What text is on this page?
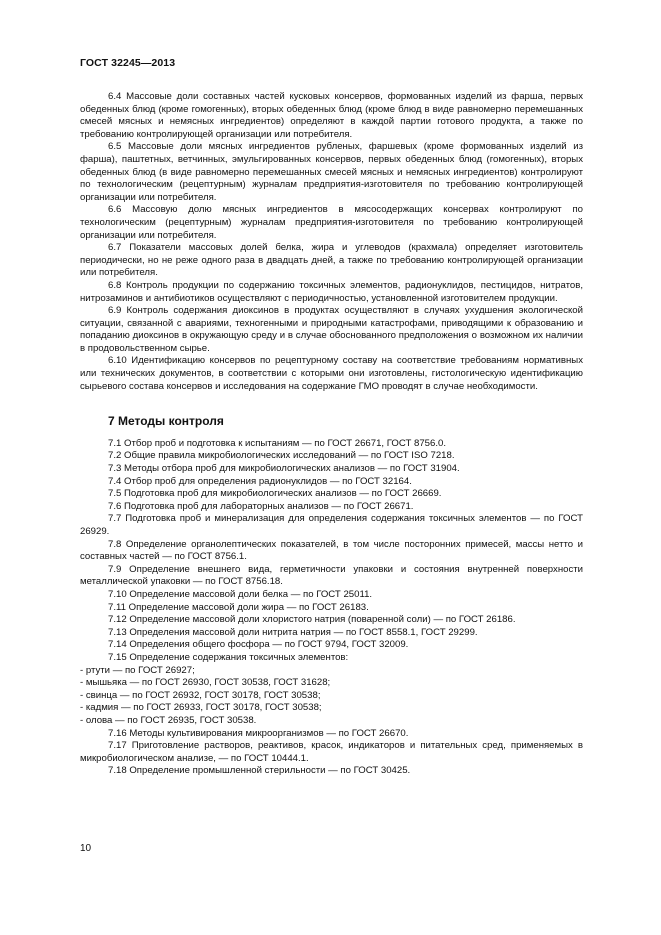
ГОСТ 32245—2013

6.4 Массовые доли составных частей кусковых консервов, формованных изделий из фарша, первых обеденных блюд (кроме гомогенных), вторых обеденных блюд (кроме блюд в виде равномерно перемешанных смесей мясных и немясных ингредиентов) определяют в каждой партии готового продукта, а также по требованию контролирующей организации или потребителя.

6.5 Массовые доли мясных ингредиентов рубленых, фаршевых (кроме формованных изделий из фарша), паштетных, ветчинных, эмульгированных консервов, первых обеденных блюд (гомогенных), вторых обеденных блюд (в виде равномерно перемешанных смесей мясных и немясных ингредиентов) контролируют по технологическим (рецептурным) журналам предприятия-изготовителя по требованию контролирующей организации или потребителя.

6.6 Массовую долю мясных ингредиентов в мясосодержащих консервах контролируют по технологическим (рецептурным) журналам предприятия-изготовителя по требованию контролирующей организации или потребителя.

6.7 Показатели массовых долей белка, жира и углеводов (крахмала) определяет изготовитель периодически, но не реже одного раза в двадцать дней, а также по требованию контролирующей организации или потребителя.

6.8 Контроль продукции по содержанию токсичных элементов, радионуклидов, пестицидов, нитратов, нитрозаминов и антибиотиков осуществляют с периодичностью, установленной изготовителем продукции.

6.9 Контроль содержания диоксинов в продуктах осуществляют в случаях ухудшения экологической ситуации, связанной с авариями, техногенными и природными катастрофами, приводящими к образованию и попаданию диоксинов в окружающую среду и в случае обоснованного предположения о возможном их наличии в продовольственном сырье.

6.10 Идентификацию консервов по рецептурному составу на соответствие требованиям нормативных или технических документов, в соответствии с которыми они изготовлены, гистологическую идентификацию сырьевого состава консервов и исследования на содержание ГМО проводят в случае необходимости.

7 Методы контроля
7.1 Отбор проб и подготовка к испытаниям — по ГОСТ 26671, ГОСТ 8756.0.
7.2 Общие правила микробиологических исследований — по ГОСТ ISO 7218.
7.3 Методы отбора проб для микробиологических анализов — по ГОСТ 31904.
7.4 Отбор проб для определения радионуклидов — по ГОСТ 32164.
7.5 Подготовка проб для микробиологических анализов — по ГОСТ 26669.
7.6 Подготовка проб для лабораторных анализов — по ГОСТ 26671.
7.7 Подготовка проб и минерализация для определения содержания токсичных элементов — по ГОСТ 26929.
7.8 Определение органолептических показателей, в том числе посторонних примесей, массы нетто и составных частей — по ГОСТ 8756.1.
7.9 Определение внешнего вида, герметичности упаковки и состояния внутренней поверхности металлической упаковки — по ГОСТ 8756.18.
7.10 Определение массовой доли белка — по ГОСТ 25011.
7.11 Определение массовой доли жира — по ГОСТ 26183.
7.12 Определение массовой доли хлористого натрия (поваренной соли) — по ГОСТ 26186.
7.13 Определения массовой доли нитрита натрия — по ГОСТ 8558.1, ГОСТ 29299.
7.14 Определения общего фосфора — по ГОСТ 9794, ГОСТ 32009.
7.15 Определение содержания токсичных элементов:
- ртути — по ГОСТ 26927;
- мышьяка — по ГОСТ 26930, ГОСТ 30538, ГОСТ 31628;
- свинца — по ГОСТ 26932, ГОСТ 30178, ГОСТ 30538;
- кадмия — по ГОСТ 26933, ГОСТ 30178, ГОСТ 30538;
- олова — по ГОСТ 26935, ГОСТ 30538.
7.16 Методы культивирования микроорганизмов — по ГОСТ 26670.
7.17 Приготовление растворов, реактивов, красок, индикаторов и питательных сред, применяемых в микробиологическом анализе, — по ГОСТ 10444.1.
7.18 Определение промышленной стерильности — по ГОСТ 30425.
10
